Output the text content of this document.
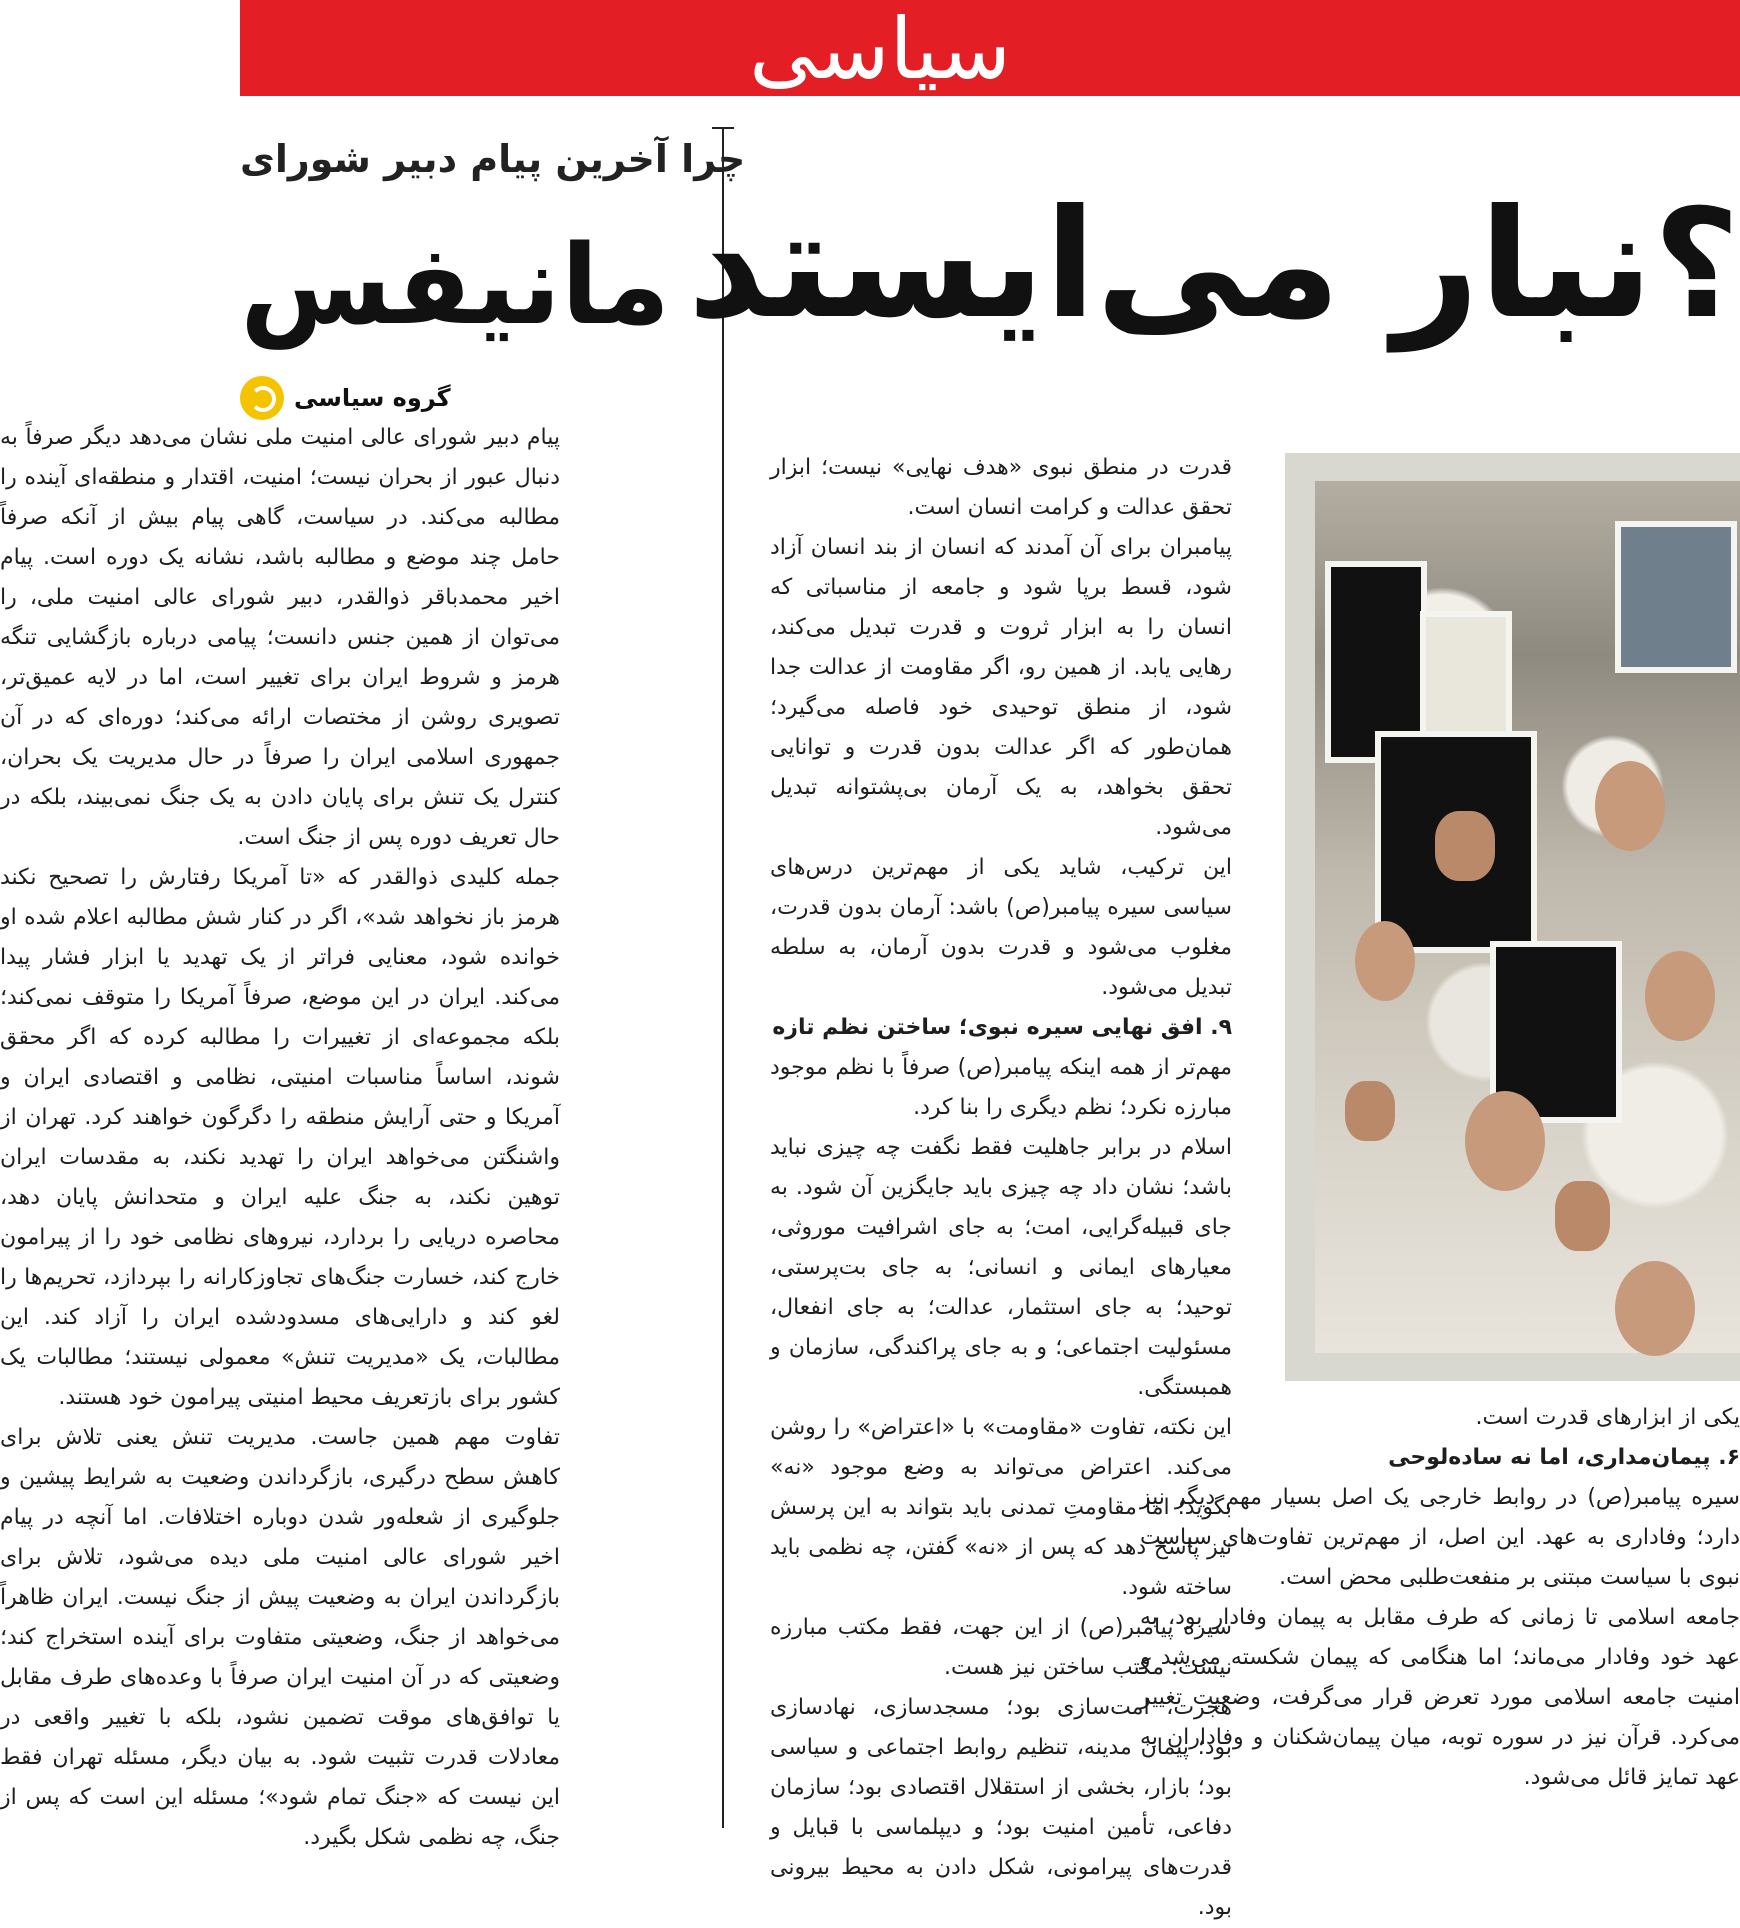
سیاسی
؟نبار می‌ایستد
چرا آخرین پیام دبیر شورای
مانیفس
گروه سیاسی

پیام دبیر شورای عالی امنیت ملی نشان می‌دهد دیگر صرفاً به دنبال عبور از بحران نیست؛ امنیت، اقتدار و منطقه‌ای آینده را مطالبه می‌کند. در سیاست، گاهی پیام بیش از آنکه صرفاً حامل چند موضع و مطالبه باشد، نشانه یک دوره است. پیام اخیر محمدباقر ذوالقدر، دبیر شورای عالی امنیت ملی، را می‌توان از همین جنس دانست؛ پیامی درباره بازگشایی تنگه هرمز و شروط ایران برای تغییر است، اما در لایه عمیق‌تر، تصویری روشن از مختصات ارائه می‌کند؛ دوره‌ای که در آن جمهوری اسلامی ایران را صرفاً در حال مدیریت یک بحران، کنترل یک تنش برای پایان دادن به یک جنگ نمی‌بیند، بلکه در حال تعریف دوره پس از جنگ است.

جمله کلیدی ذوالقدر که «تا آمریکا رفتارش را تصحیح نکند هرمز باز نخواهد شد»، اگر در کنار شش مطالبه اعلام شده او خوانده شود، معنایی فراتر از یک تهدید یا ابزار فشار پیدا می‌کند. ایران در این موضع، صرفاً آمریکا را متوقف نمی‌کند؛ بلکه مجموعه‌ای از تغییرات را مطالبه کرده که اگر محقق شوند، اساساً مناسبات امنیتی، نظامی و اقتصادی ایران و آمریکا و حتی آرایش منطقه را دگرگون خواهند کرد. تهران از واشنگتن می‌خواهد ایران را تهدید نکند، به مقدسات ایران توهین نکند، به جنگ علیه ایران و متحدانش پایان دهد، محاصره دریایی را بردارد، نیروهای نظامی خود را از پیرامون خارج کند، خسارت جنگ‌های تجاوزکارانه را بپردازد، تحریم‌ها را لغو کند و دارایی‌های مسدودشده ایران را آزاد کند. این مطالبات، یک «مدیریت تنش» معمولی نیستند؛ مطالبات یک کشور برای بازتعریف محیط امنیتی پیرامون خود هستند.

تفاوت مهم همین جاست. مدیریت تنش یعنی تلاش برای کاهش سطح درگیری، بازگرداندن وضعیت به شرایط پیشین و جلوگیری از شعله‌ور شدن دوباره اختلافات. اما آنچه در پیام اخیر شورای عالی امنیت ملی دیده می‌شود، تلاش برای بازگرداندن ایران به وضعیت پیش از جنگ نیست. ایران ظاهراً می‌خواهد از جنگ، وضعیتی متفاوت برای آینده استخراج کند؛ وضعیتی که در آن امنیت ایران صرفاً با وعده‌های طرف مقابل یا توافق‌های موقت تضمین نشود، بلکه با تغییر واقعی در معادلات قدرت تثبیت شود. به بیان دیگر، مسئله تهران فقط این نیست که «جنگ تمام شود»؛ مسئله این است که پس از جنگ، چه نظمی شکل بگیرد.

قدرت در منطق نبوی «هدف نهایی» نیست؛ ابزار تحقق عدالت و کرامت انسان است.

پیامبران برای آن آمدند که انسان از بند انسان آزاد شود، قسط برپا شود و جامعه از مناسباتی که انسان را به ابزار ثروت و قدرت تبدیل می‌کند، رهایی یابد. از همین رو، اگر مقاومت از عدالت جدا شود، از منطق توحیدی خود فاصله می‌گیرد؛ همان‌طور که اگر عدالت بدون قدرت و توانایی تحقق بخواهد، به یک آرمان بی‌پشتوانه تبدیل می‌شود.

این ترکیب، شاید یکی از مهم‌ترین درس‌های سیاسی سیره پیامبر(ص) باشد: آرمان بدون قدرت، مغلوب می‌شود و قدرت بدون آرمان، به سلطه تبدیل می‌شود.

۹. افق نهایی سیره نبوی؛ ساختن نظم تازه

مهم‌تر از همه اینکه پیامبر(ص) صرفاً با نظم موجود مبارزه نکرد؛ نظم دیگری را بنا کرد.

اسلام در برابر جاهلیت فقط نگفت چه چیزی نباید باشد؛ نشان داد چه چیزی باید جایگزین آن شود. به جای قبیله‌گرایی، امت؛ به جای اشرافیت موروثی، معیارهای ایمانی و انسانی؛ به جای بت‌پرستی، توحید؛ به جای استثمار، عدالت؛ به جای انفعال، مسئولیت اجتماعی؛ و به جای پراکندگی، سازمان و همبستگی.

این نکته، تفاوت «مقاومت» با «اعتراض» را روشن می‌کند. اعتراض می‌تواند به وضع موجود «نه» بگوید؛ اما مقاومتِ تمدنی باید بتواند به این پرسش نیز پاسخ دهد که پس از «نه» گفتن، چه نظمی باید ساخته شود.

سیره پیامبر(ص) از این جهت، فقط مکتب مبارزه نیست؛ مکتب ساختن نیز هست.

هجرت، امت‌سازی بود؛ مسجدسازی، نهادسازی بود؛ پیمان مدینه، تنظیم روابط اجتماعی و سیاسی بود؛ بازار، بخشی از استقلال اقتصادی بود؛ سازمان دفاعی، تأمین امنیت بود؛ و دیپلماسی با قبایل و قدرت‌های پیرامونی، شکل دادن به محیط بیرونی بود.

یکی از ابزارهای قدرت است.

۶. پیمان‌مداری، اما نه ساده‌لوحی

سیره پیامبر(ص) در روابط خارجی یک اصل بسیار مهم دیگر نیز دارد؛ وفاداری به عهد. این اصل، از مهم‌ترین تفاوت‌های سیاست نبوی با سیاست مبتنی بر منفعت‌طلبی محض است.

جامعه اسلامی تا زمانی که طرف مقابل به پیمان وفادار بود، به عهد خود وفادار می‌ماند؛ اما هنگامی که پیمان شکسته می‌شد و امنیت جامعه اسلامی مورد تعرض قرار می‌گرفت، وضعیت تغییر می‌کرد. قرآن نیز در سوره توبه، میان پیمان‌شکنان و وفاداران به عهد تمایز قائل می‌شود.
